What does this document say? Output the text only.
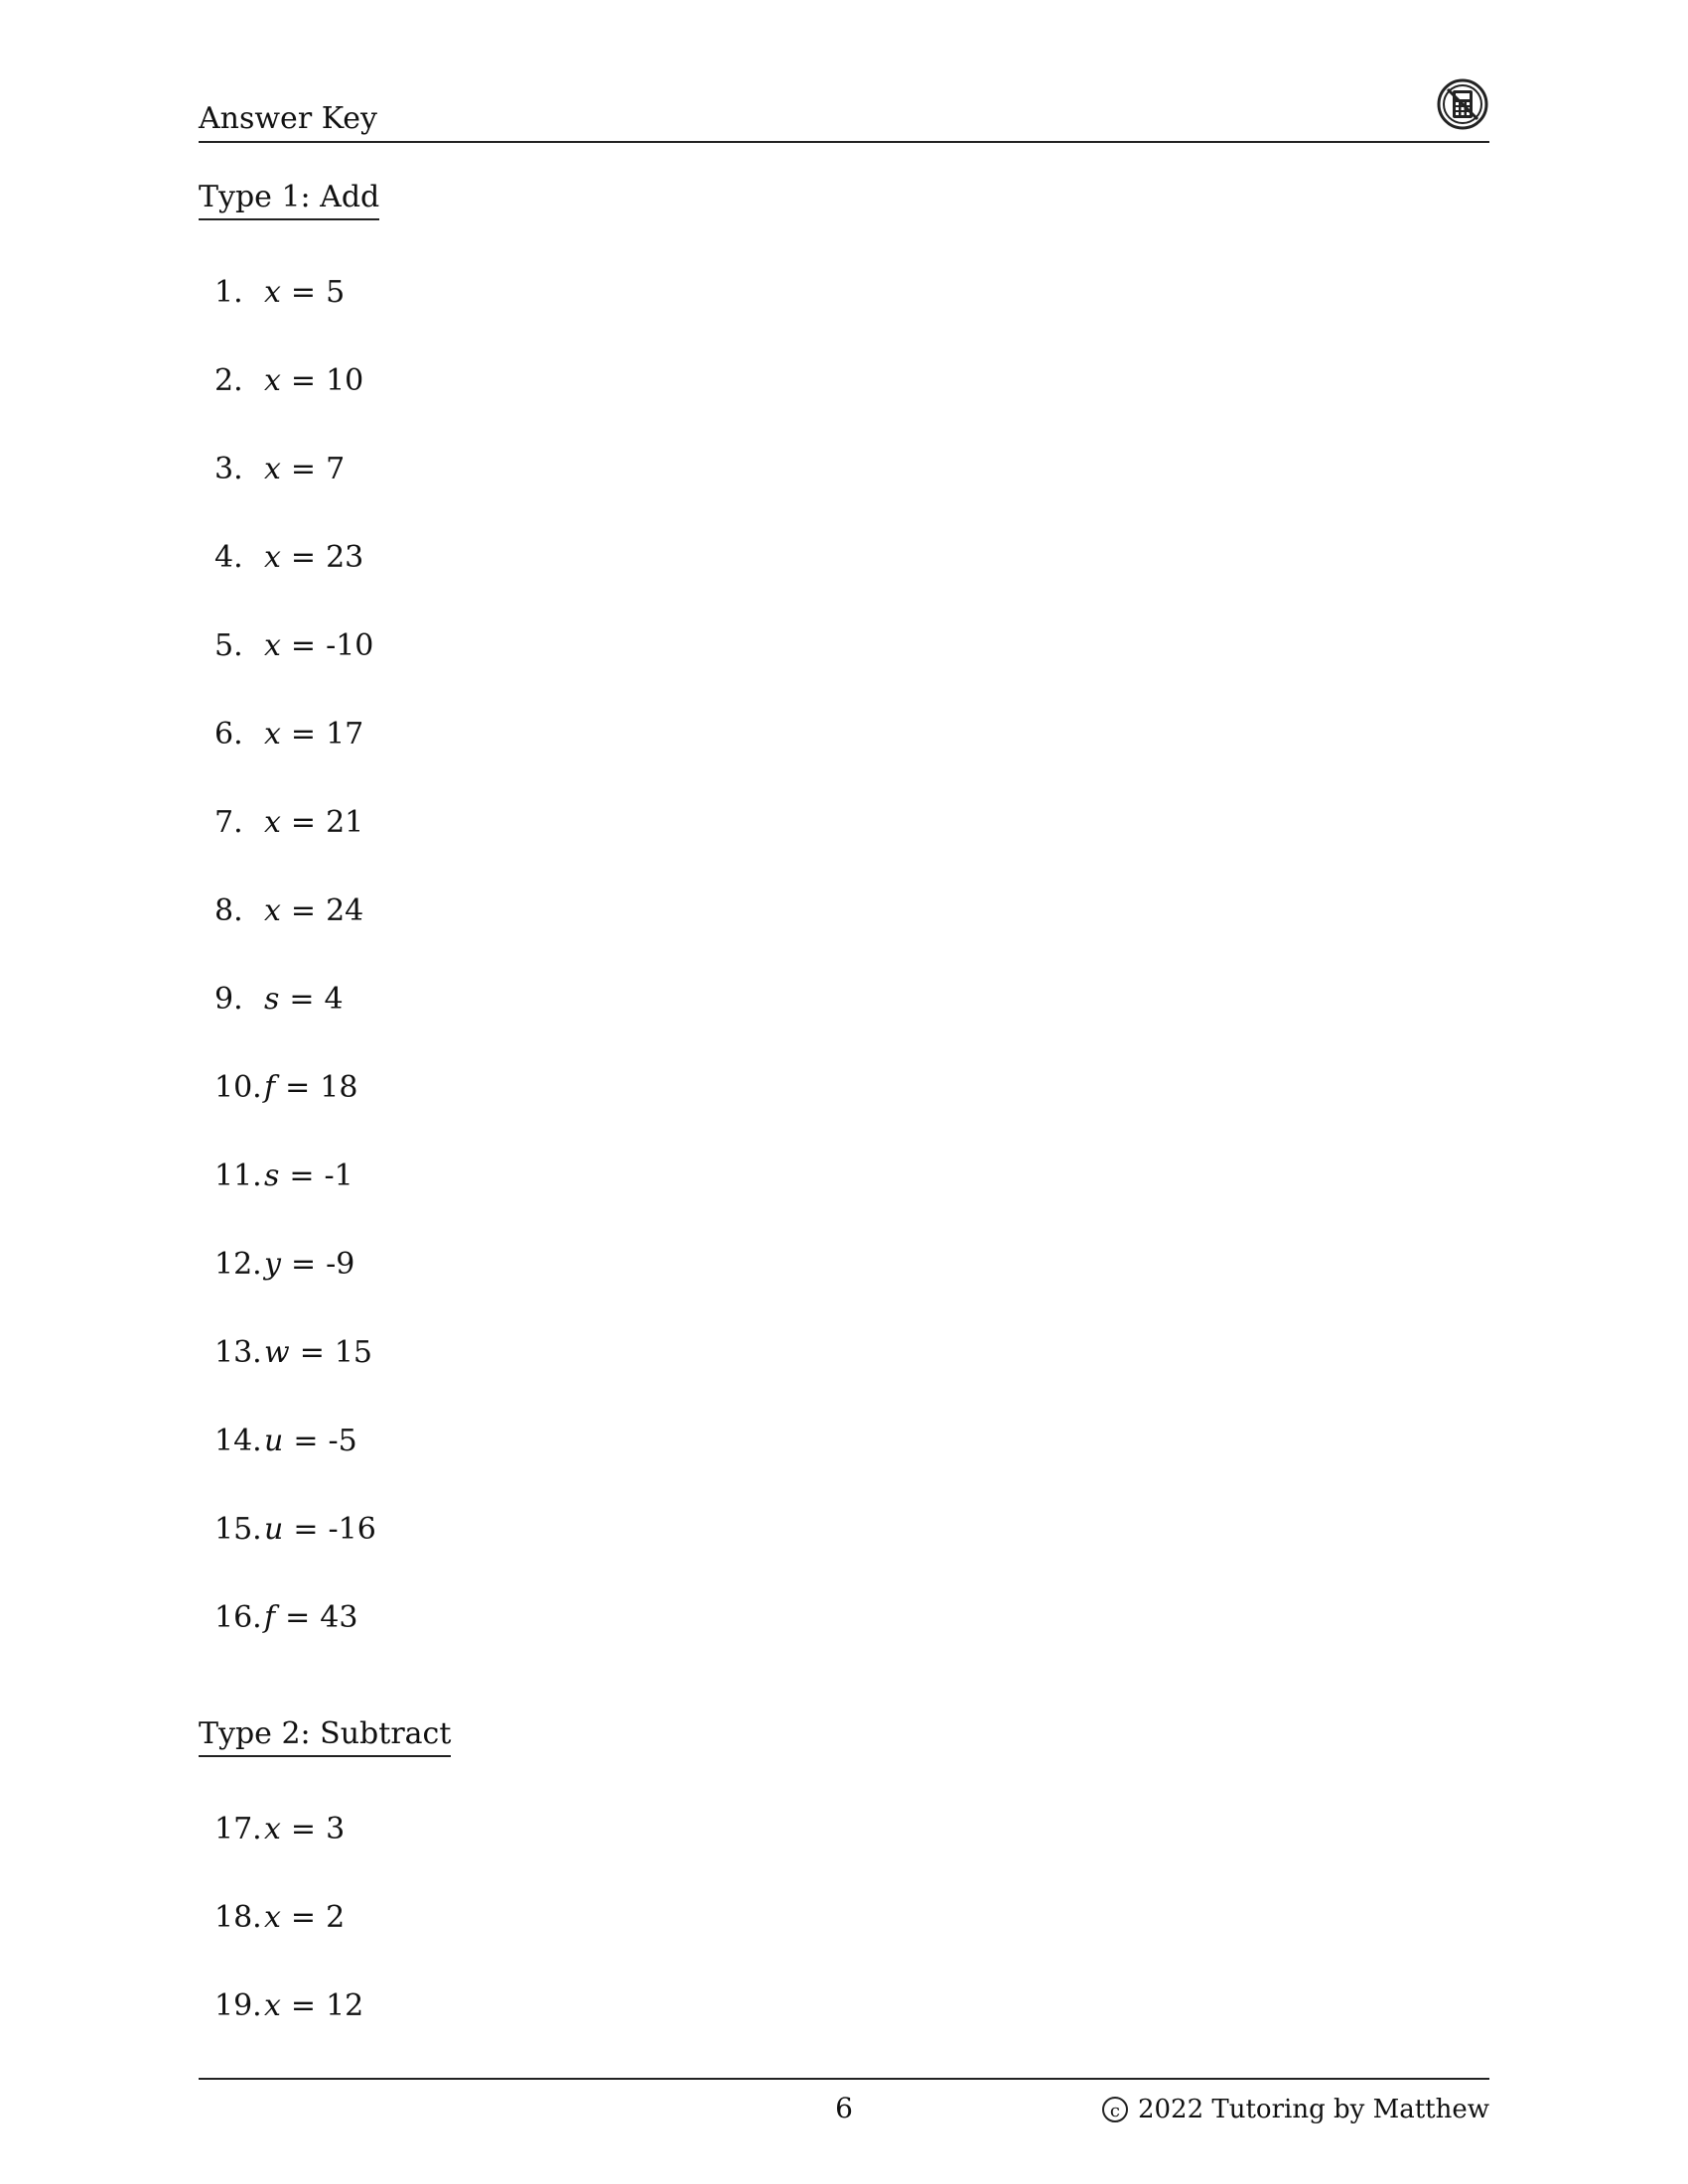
Answer Key
Type 1: Add
1. x = 5
2. x = 10
3. x = 7
4. x = 23
5. x = -10
6. x = 17
7. x = 21
8. x = 24
9. s = 4
10.f = 18
11.s = -1
12.y = -9
13.w = 15
14.u = -5
15.u = -16
16.f = 43
Type 2: Subtract
17.x = 3
18.x = 2
19.x = 12
6	c 2022 Tutoring by Matthew
